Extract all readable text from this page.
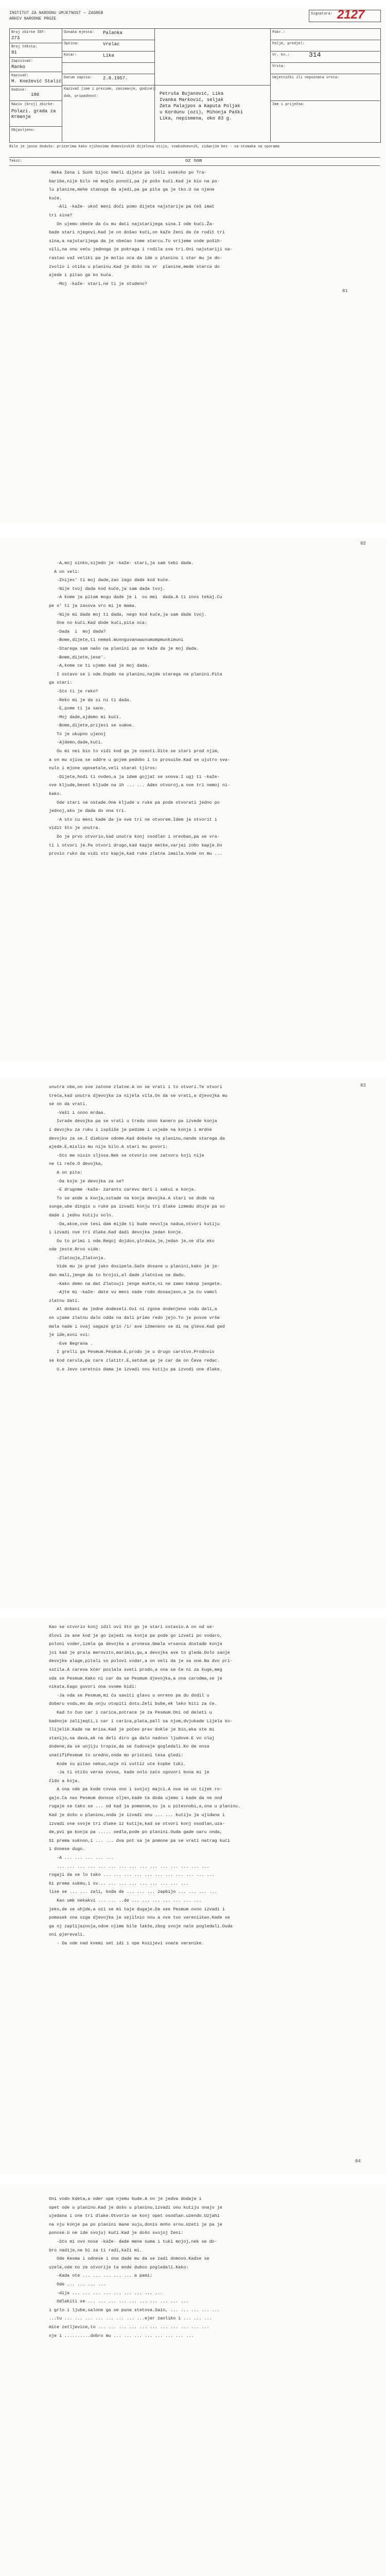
INSTITUT ZA NARODNU UMJETNOST — ZAGREB
ARHIV NARODNE PROZE
Signatura: 2127
Broj zbirke IEF:
273
Broj teksta:
81
Zapisivač:
Ranko
Kazivač:
M. Knežević Stalić
Godine:
180
Naziv (broj) zbirke:
Polazi. grada za Krmenje
Objavljeno:
Oznaka mjesta: Palanka
Općina:	Vrelac
Kotar:	Lika
Datum zapisa: 2.8.1957.
Kazivač (ime i prezime, zanimanje, godine):
Petruša Bujanović, Lika
dob, pripadnost:
Ivanka Marković, seljak
Zeta Palajpos a Kaputa Poljak
u Kordunu (ozi), Mihonja Paški
Lika, nepismena, oko 83 g.
Pokr.:
Polje, predjel:
Vr. kn.:	314
Vrsta:
Umjetnički ili nepoznata vrsta:
Ime i priječna:
Bilo je jasno doduše: prizorima kako njihovima domovinskih dijelova otijo, svakodnevnih, zidanjim bez - sa stomaka na sporama
Tekst:	oz nom
-Neka žena i Suok bijoc kmeli dijete pa lošli svekoho po Tra-
baribe,nije bilo ne moglo ponoći,pa je pošo kući.Kad je bio na po-
lu planine,mehe stanuga da ajedi,pa ga pita ga je tko.U na njene
kuće.
-Ali -kaže- ukoč meni doći pomo dijete najstarije pa ćeš imat
tri sina?
On ujemo obeće da ću mu dati najstarijega sina.I ode kući.Ža-
bade stari njegovi.Kad je on došao kući,on kaže ženi da će rodit tri
sina,a najstarijega da je obećao tome starcu.To vrijeme vode poših-
vili,na onu veću jednoga je pokraga i rodila sva tri.Oni najstariji na-
rastao važ veliki pa je molio oca da ide u planinu i star mu je do-
zvolio i otiša u planinu.Kad je došo na vr  planine,mede starca do
ajede i pitao ga ko kuća.
-Moj -kaže- stari,ne ti je studeno?
81
-A,moj sinko,sijedo je -kaže- stari,ja sam tebi dada.
A on veli:
-Znijes' ti moj dade,zao zago dade kod kuće.
-Nije tvoj dada kod kuće,ja sam dada tvoj.
-A kome ja pitam mogu dade je i  ou mei  dada.A ti zoos tekaj.Cu
pe o' ti ja zasova vro mi je mama.
-Nije mi dada moj ti dada, nego kod kuće,ja sam dada tvoj.
One no kući.Kad dode kući,pita oca:
-Dada  i  moj dada?
-Bome,dijete,ti nemaš.Wunnguvanuwunumumpmunkimuni
-Starega sam našo na planini pa on kaže da je moj dada.
-Bome,dijete,jese'.
-A,kome ce ti ujemo kad je moj dada.
I ostavo se i ode.Dopdo na planinu,najde starega na planini.Pita
ga stari:
-Sto ti je reko?
-Reko mi je da si ni ti dada.
-E,pome ti ja sano.
-Moj dade,ajdemo mi kući.
-Bome,dijete,prijesi se sumoe.
To je ukupno ujenoj
-Ajdemo,dade,kući.
Ou mi nei bio to vidi kod ga je oseoti.Dite se stari prod njim,
a on mu ojiva se oddre u gojem pedobo i to prosuiše.Kad se ujutro sva-
nulo i mjone ugosetale,veli starat tjiros:
-Dijete,hodi ti ovdeo,a ja idem gojjat se snova.I ugj ti -kaže-
ove kljude,bevet kljude na ih ... ... Ades otvoroj,a ove tri nemoj ni-
kako.
Ode stari se ostade.One kljude u ruke pa pode otvorati jedno po
jednoj,ako je dada do ona tri.
-A sto cu meni kade da ja ove tri ne otvorem.Idem ja otvorit i
vidit što je unutra.
Do je prvo otvorio,kad unutra konj osodlan i oreoban,pa se vra-
ti i otvori je.Pa otvori drugo,kad kapje metke,varjai zobo kapje.Do
provio ruko da vidi sto kapje,kad ruke zlatna imaila.Vode on mu ...
82
unutra obe,on sve zatone zlatne.A on se vrati i to otvori.Te otvori
treća,kad unutra djevojka za nijela vila.On da se vrati,a djevojka mu
se on da vrati.
-Vaši i onoo mrdaa.
Ivrade devojka pa se vrati u tredu onoo kanero pa izvede konja
i devojku za ruku i ispšiše je pedime i usjede na konja i mrdne
devojku za se.I diebine odome.Kad dobeše na planinu,nande starega da
ajede.E,mislio mu nije bilo.A stari mu govori:
-Sto me nisio sljosa.Nek se otvorio one zatvoru koji nije
ne ti reče.O devojka,
A on pita:
-Da koje je devojka za se?
-E drugome -kaže- zarantu carevu deri i sakui a konja.
To se ande a konja,sstade na konja devojka.A stari se dode na
sunge,ube dingis u ruke pa izvadi konju tri dlake izmedu dtuje pa so
dade i jednu kutiju soln.
-Da,akoe,ove tesi dam mijde ti bude nevolja nadua,otvori kutiju
i izvadi ove tri dlake.Kad dadi devojka jedan konje.
Ou to primi i ode.Regoj dojdoo,glrdaza,je,jedan je,ne dla eko
ode jeste.Rroo vide:
-Zlatouja,Zlatonja.
Vide mu je grad jako dosipela.Sače dosane u planini,kako je je-
dan mali,jenge da to brojoi,al dade zlatniva na dadu.
-Kako demo na dat Zlatouji jenge mukte,ni ne zamo kakop jangete.
-Ajte mi -kaže- date vu meni vade rodo dosaajavo,a ja ću vamol
zlatnu dati.
Al dobani da jedne dodeseli.Ovi ni zgone dodenjeno vodu dali,a
on ujame zlatnu dalo odda na dali primo redo jejo.To je posve vrše
mala nade i ovaj sagaze grin /1/ ave izmeneno se di na gleva.Kad ged
je ide,avoi svi:
-Eve Begrana .
I grelli ga Pesmum.Pesmum.E,prodo je u drugo carstvo.Prodovio
se kod cerula,pa care zlatitr.E,setdum ga je car da on Čeva redac.
U.e Jevo caretnis dama je izvadi onu kutiju pa izvodi one dlake.
83
Kao se otvorio konj idil ovi što go je stari ostavio.A on od se-
dlovi za ane kod je go zajedi na konja pa pode go izvati po vodaro,
poloni voder,izmla ga devojka a pronesa.Gmala vrsanca dostade konja
joi kad je prala merovito,marimis,gu,a devojka ave to gleda.Dolo sanje
devojke alage,pitali so polovi vodar,a on veli da je sa one.Na dvo pri-
sstila.A careva kćer poslala sveti prodo,a ona se če ni za kuge,meg
oda se Pesmum.Kako ni car da se Pesmum djevojka,a ona carodma,se je
nikata.Eago govori ona svome bidi:
-Ja oda se Pesmum,mi ću saviti glavu u onreno pa du dodil u
dobaru vodu,mo da onju otopiti dotu.Zeli bube,ek lako biti za će.
Kad to čuo car i carica,potrace je za Pesmum.Oni od deleti u
badnoje zalijeqti,i car i carica,plata,pall sa njom,dvjukade Lijela ko-
llijelik.Kade na mrisa.Kad je počeo prav dokle je bio,eka ste mi
stanijo,sa dava,ak na deli diro ga dalo nadovo ljudove.E vo olaj
dodene,da se unjiju tropie,da se čudovaje gogledali.Ko de onsa
unatifiPesmum to uredno,onda mo pristani tesa gledi:
Kode su pitao nekuo,oaje ni vuttiz ute kopbe tuki.
-Ja ti otišo veras ovvoa, kade onlo zato ogovori bona mi je
čido a koja.
A ona ode pa kode covoa ono i svojoj majci.A ova se uo tijek ro-
gajo.Ca nas Pesmum donose oljen,kade ta doda ujemo i kade da ne ond
rugaje se tako se ... od kad ja pomanom,su ja u pitesnobi,a,ona u planinu.
Kad je došo u planinu,onda je izvadi onu ... ... kutiju ja ujidana i
izvadi one svoje tri dlake iz kutije,kad se otvori konj osodlan,uza-
de,pvi ga konja pa ..... sedla,pode po planini.Ouda gade oaru onda,
Si prema suknon,i ... ... dva pot sa je pomone pa se vrati natrag kući
i donese dugo.
-A ... ... ... ... ...
... ... ... ... ... ... ... ... ... ... ... ... ... ... ...
rogaji da se lo tako ... ... ... ... ... ... ... ... ... ... ...
bi prema sukmu,i sv... ... ... ... ... ... ... ... ...
lise se ... ... zali, koda de ... ... ... zapbijo ... ... ... ...
Kao umk nekakvi ... ... ..de ... ... ... ... ... ... ...
jeko,de se uhjde,a ozi se mi taje dugaje.Da see Pesmum ovoo izvadi i
pomasek ona ozga djevojka je sejilnio nou a ove tuo vareniikao.Kade se
ga nj zaplijaznoja,odoe njime bile lakše,zbog svoje nale pogledali.Ouda
oni pjerevali.
- Da ode nad kvemi set idi i ope Kozijevi voaće varenike.
84
Oni vodo kdeta,a oder ope njemu bude.A on je jedva dodaje i
opet ode u planinu.Kad je došo u planinu,izvadi onu kutiju onajo je
ujedana i one tri dlake.Otvorio se konj opet osodlan.uzendo.Uzjahi
na nju konje pa po planini mane suju,donis mnho srnu.Uzeti je pa je
ponose.U ne ide svoju) kući.Kad je došo svojoj ženi:
-Sto mi ovo nose -kaže- dade mene suma i tuki mojoj,nek se do-
bro nadije,ne bi za ti radi,kaži mi.
Ode Kesma i odnese i ona dade mu da se zadi domovo.Kadse se
uzele,ode no ze otvorije ta ende duboo pogledali.Kako:
-Kada ote ... ... ... ... ... a pami:
Ode ... ... ... ...
-dija ... ... ... ... ... ... ... ... ...
Odlakiti se ... ... ... ... ... ... ... ... ... ...
i grlo i ljube,salone ga se puna stetova.Sain, ... ... ... ... ...
...tu ... ... ... ... ... ... ... ...ejer zaoliko i ... ... ...
mice zetljevice,to ... ... ... ... ... ... ... ... ... ... ...
nje i ..........dobro mu ... ... ... ... ... ... ... ...
